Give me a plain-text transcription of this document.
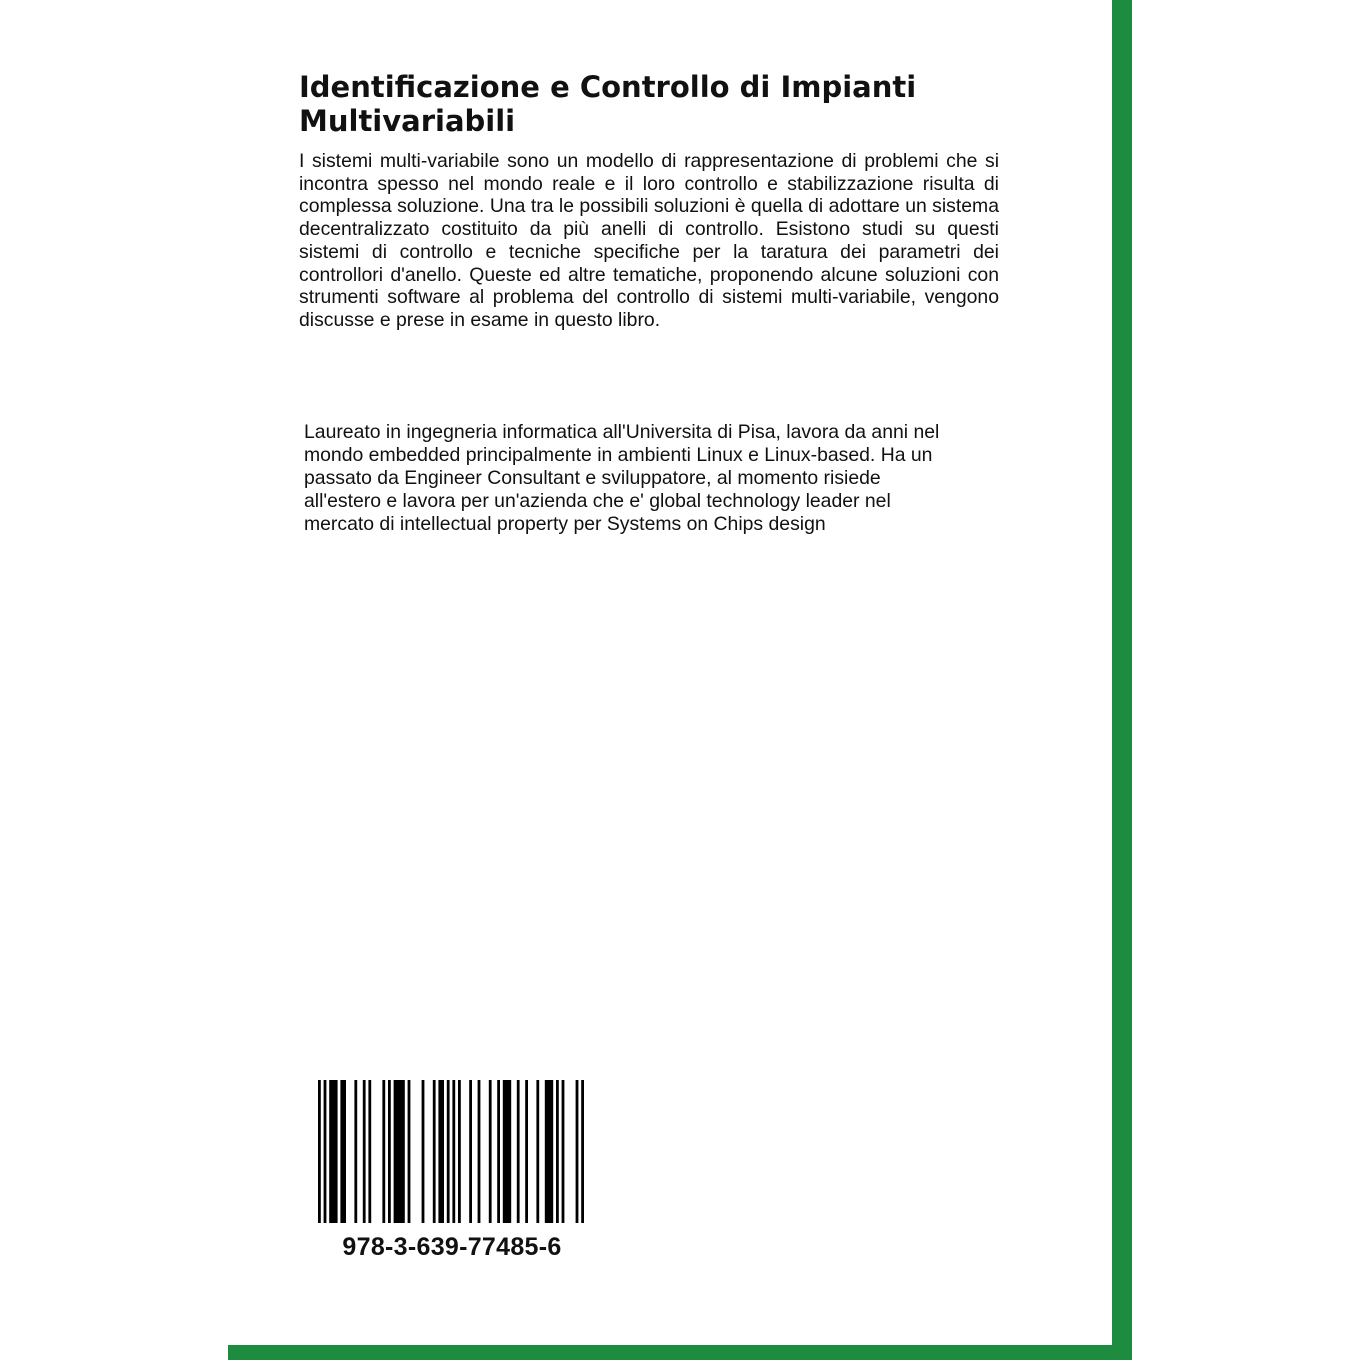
Identificazione e Controllo di Impianti Multivariabili

I sistemi multi-variabile sono un modello di rappresentazione di problemi che si incontra spesso nel mondo reale e il loro controllo e stabilizzazione risulta di complessa soluzione. Una tra le possibili soluzioni è quella di adottare un sistema decentralizzato costituito da più anelli di controllo. Esistono studi su questi sistemi di controllo e tecniche specifiche per la taratura dei parametri dei controllori d'anello. Queste ed altre tematiche, proponendo alcune soluzioni con strumenti software al problema del controllo di sistemi multi-variabile, vengono discusse e prese in esame in questo libro.

Laureato in ingegneria informatica all'Universita di Pisa, lavora da anni nel
mondo embedded principalmente in ambienti Linux e Linux-based. Ha un
passato da Engineer Consultant e sviluppatore, al momento risiede
all'estero e lavora per un'azienda che e' global technology leader nel
mercato di intellectual property per Systems on Chips design
978-3-639-77485-6
